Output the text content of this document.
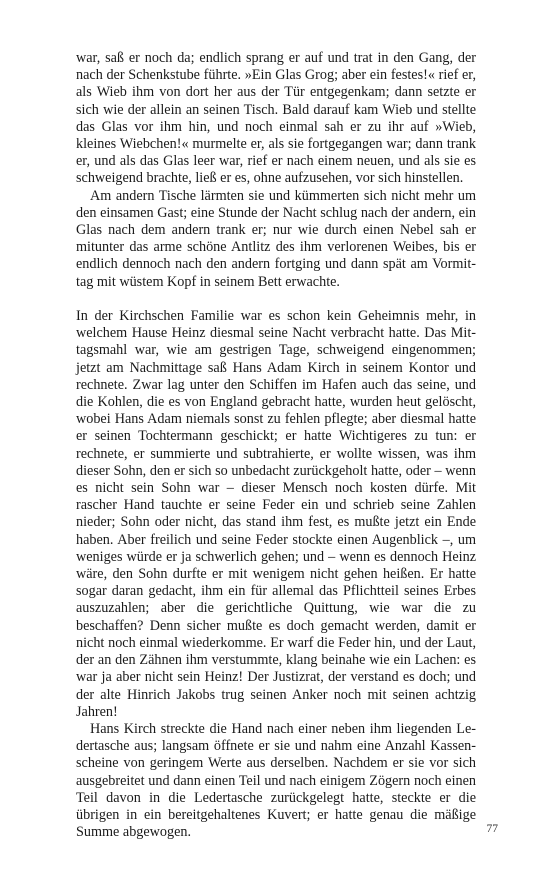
war, saß er noch da; endlich sprang er auf und trat in den Gang, der nach der Schenkstube führte. »Ein Glas Grog; aber ein festes!« rief er, als Wieb ihm von dort her aus der Tür entgegenkam; dann setzte er sich wie der allein an seinen Tisch. Bald darauf kam Wieb und stellte das Glas vor ihm hin, und noch einmal sah er zu ihr auf »Wieb, kleines Wiebchen!« murmelte er, als sie fortgegangen war; dann trank er, und als das Glas leer war, rief er nach einem neuen, und als sie es schweigend brachte, ließ er es, ohne aufzusehen, vor sich hinstellen.

Am andern Tische lärmten sie und kümmerten sich nicht mehr um den einsamen Gast; eine Stunde der Nacht schlug nach der andern, ein Glas nach dem andern trank er; nur wie durch einen Nebel sah er mitunter das arme schöne Antlitz des ihm verlorenen Weibes, bis er endlich dennoch nach den andern fortging und dann spät am Vormittag mit wüstem Kopf in seinem Bett erwachte.

In der Kirchschen Familie war es schon kein Geheimnis mehr, in welchem Hause Heinz diesmal seine Nacht verbracht hatte. Das Mittagsmahl war, wie am gestrigen Tage, schweigend eingenommen; jetzt am Nachmittage saß Hans Adam Kirch in seinem Kontor und rechnete. Zwar lag unter den Schiffen im Hafen auch das seine, und die Kohlen, die es von England gebracht hatte, wurden heut gelöscht, wobei Hans Adam niemals sonst zu fehlen pflegte; aber diesmal hatte er seinen Tochtermann geschickt; er hatte Wichtigeres zu tun: er rechnete, er summierte und subtrahierte, er wollte wissen, was ihm dieser Sohn, den er sich so unbedacht zurückgeholt hatte, oder – wenn es nicht sein Sohn war – dieser Mensch noch kosten dürfe. Mit rascher Hand tauchte er seine Feder ein und schrieb seine Zahlen nieder; Sohn oder nicht, das stand ihm fest, es mußte jetzt ein Ende haben. Aber freilich und seine Feder stockte einen Augenblick –, um weniges würde er ja schwerlich gehen; und – wenn es dennoch Heinz wäre, den Sohn durfte er mit wenigem nicht gehen heißen. Er hatte sogar daran gedacht, ihm ein für allemal das Pflichtteil seines Erbes auszuzahlen; aber die gerichtliche Quittung, wie war die zu beschaffen? Denn sicher mußte es doch gemacht werden, damit er nicht noch einmal wiederkomme. Er warf die Feder hin, und der Laut, der an den Zähnen ihm verstummte, klang beinahe wie ein Lachen: es war ja aber nicht sein Heinz! Der Justizrat, der verstand es doch; und der alte Hinrich Jakobs trug seinen Anker noch mit seinen achtzig Jahren!

Hans Kirch streckte die Hand nach einer neben ihm liegenden Ledertasche aus; langsam öffnete er sie und nahm eine Anzahl Kassenscheine von geringem Werte aus derselben. Nachdem er sie vor sich ausgebreitet und dann einen Teil und nach einigem Zögern noch einen Teil davon in die Ledertasche zurückgelegt hatte, steckte er die übrigen in ein bereitgehaltenes Kuvert; er hatte genau die mäßige Summe abgewogen.	77
